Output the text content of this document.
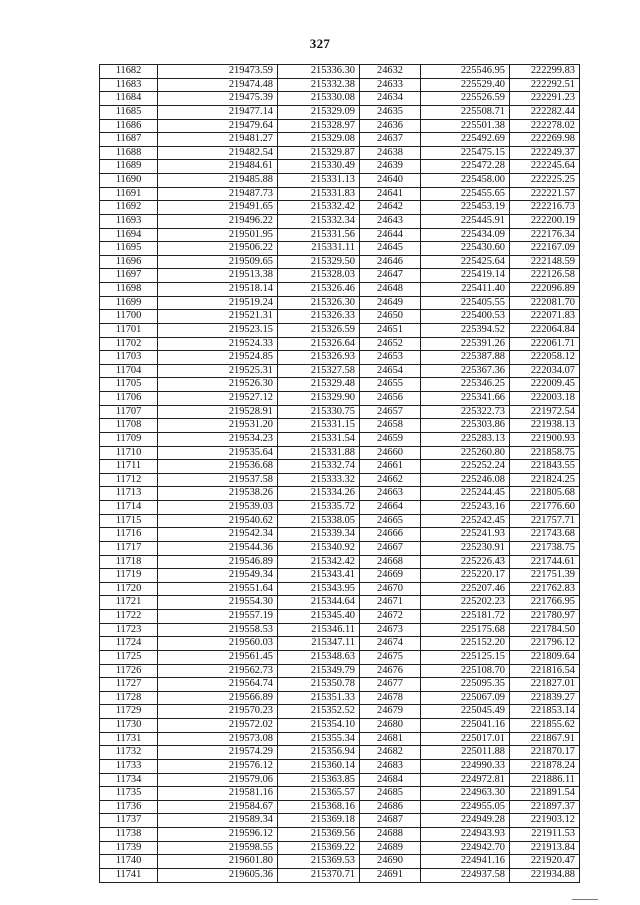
327
11682	219473.59	215336.30	24632	225546.95	222299.83
11683	219474.48	215332.38	24633	225529.40	222292.51
11684	219475.39	215330.08	24634	225526.59	222291.23
11685	219477.14	215329.09	24635	225508.71	222282.44
11686	219479.64	215328.97	24636	225501.38	222278.02
11687	219481.27	215329.08	24637	225492.69	222269.98
11688	219482.54	215329.87	24638	225475.15	222249.37
11689	219484.61	215330.49	24639	225472.28	222245.64
11690	219485.88	215331.13	24640	225458.00	222225.25
11691	219487.73	215331.83	24641	225455.65	222221.57
11692	219491.65	215332.42	24642	225453.19	222216.73
11693	219496.22	215332.34	24643	225445.91	222200.19
11694	219501.95	215331.56	24644	225434.09	222176.34
11695	219506.22	215331.11	24645	225430.60	222167.09
11696	219509.65	215329.50	24646	225425.64	222148.59
11697	219513.38	215328.03	24647	225419.14	222126.58
11698	219518.14	215326.46	24648	225411.40	222096.89
11699	219519.24	215326.30	24649	225405.55	222081.70
11700	219521.31	215326.33	24650	225400.53	222071.83
11701	219523.15	215326.59	24651	225394.52	222064.84
11702	219524.33	215326.64	24652	225391.26	222061.71
11703	219524.85	215326.93	24653	225387.88	222058.12
11704	219525.31	215327.58	24654	225367.36	222034.07
11705	219526.30	215329.48	24655	225346.25	222009.45
11706	219527.12	215329.90	24656	225341.66	222003.18
11707	219528.91	215330.75	24657	225322.73	221972.54
11708	219531.20	215331.15	24658	225303.86	221938.13
11709	219534.23	215331.54	24659	225283.13	221900.93
11710	219535.64	215331.88	24660	225260.80	221858.75
11711	219536.68	215332.74	24661	225252.24	221843.55
11712	219537.58	215333.32	24662	225246.08	221824.25
11713	219538.26	215334.26	24663	225244.45	221805.68
11714	219539.03	215335.72	24664	225243.16	221776.60
11715	219540.62	215338.05	24665	225242.45	221757.71
11716	219542.34	215339.34	24666	225241.93	221743.68
11717	219544.36	215340.92	24667	225230.91	221738.75
11718	219546.89	215342.42	24668	225226.43	221744.61
11719	219549.34	215343.41	24669	225220.17	221751.39
11720	219551.64	215343.95	24670	225207.46	221762.83
11721	219554.30	215344.64	24671	225202.23	221766.95
11722	219557.19	215345.40	24672	225181.72	221780.97
11723	219558.53	215346.11	24673	225175.68	221784.50
11724	219560.03	215347.11	24674	225152.20	221796.12
11725	219561.45	215348.63	24675	225125.15	221809.64
11726	219562.73	215349.79	24676	225108.70	221816.54
11727	219564.74	215350.78	24677	225095.35	221827.01
11728	219566.89	215351.33	24678	225067.09	221839.27
11729	219570.23	215352.52	24679	225045.49	221853.14
11730	219572.02	215354.10	24680	225041.16	221855.62
11731	219573.08	215355.34	24681	225017.01	221867.91
11732	219574.29	215356.94	24682	225011.88	221870.17
11733	219576.12	215360.14	24683	224990.33	221878.24
11734	219579.06	215363.85	24684	224972.81	221886.11
11735	219581.16	215365.57	24685	224963.30	221891.54
11736	219584.67	215368.16	24686	224955.05	221897.37
11737	219589.34	215369.18	24687	224949.28	221903.12
11738	219596.12	215369.56	24688	224943.93	221911.53
11739	219598.55	215369.22	24689	224942.70	221913.84
11740	219601.80	215369.53	24690	224941.16	221920.47
11741	219605.36	215370.71	24691	224937.58	221934.88
